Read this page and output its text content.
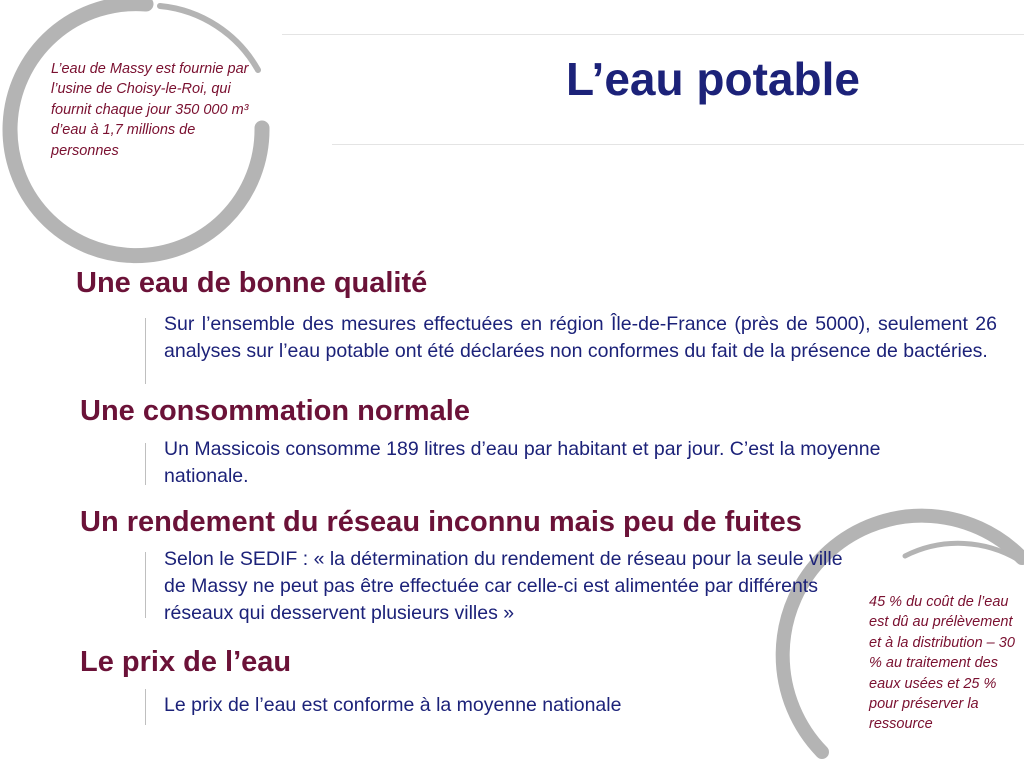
L’eau potable
L’eau de Massy est fournie par l’usine de Choisy-le-Roi, qui fournit chaque jour 350 000 m³ d’eau à 1,7 millions de personnes
Une eau de bonne qualité
Sur l’ensemble des mesures effectuées en région Île-de-France (près de 5000), seulement 26 analyses sur l’eau potable ont été déclarées non conformes du fait de la présence de bactéries.
Une consommation normale
Un Massicois consomme 189 litres d’eau par habitant et par jour. C’est la moyenne nationale.
Un rendement du réseau inconnu mais peu de fuites
Selon le SEDIF : « la détermination du rendement de réseau pour la seule ville de Massy ne peut pas être effectuée car celle-ci est alimentée par différents réseaux qui desservent plusieurs villes »
Le prix de l’eau
Le prix de l’eau est conforme à la moyenne nationale
45 % du coût de l’eau est dû au prélèvement et à la distribution – 30 % au traitement des eaux usées et 25 % pour préserver la ressource
